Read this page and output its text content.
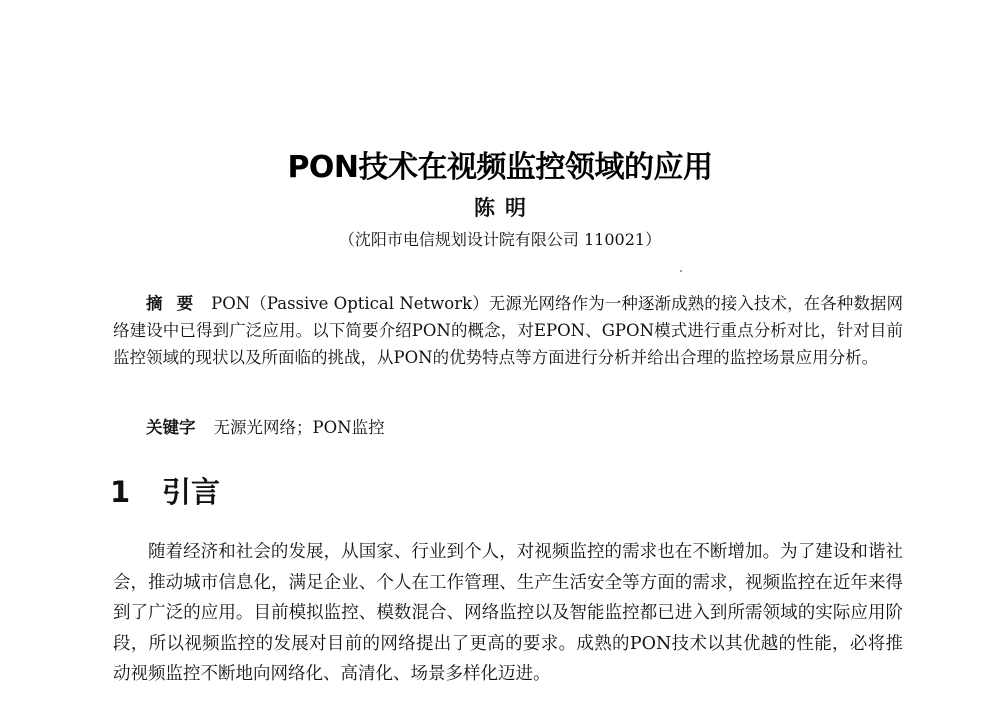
PON技术在视频监控领域的应用
陈明
（沈阳市电信规划设计院有限公司 110021）

摘要 PON（Passive Optical Network）无源光网络作为一种逐渐成熟的接入技术，在各种数据网络建设中已得到广泛应用。以下简要介绍PON的概念，对EPON、GPON模式进行重点分析对比，针对目前监控领域的现状以及所面临的挑战，从PON的优势特点等方面进行分析并给出合理的监控场景应用分析。

关键字 无源光网络；PON监控
1 引言

随着经济和社会的发展，从国家、行业到个人，对视频监控的需求也在不断增加。为了建设和谐社会，推动城市信息化，满足企业、个人在工作管理、生产生活安全等方面的需求，视频监控在近年来得到了广泛的应用。目前模拟监控、模数混合、网络监控以及智能监控都已进入到所需领域的实际应用阶段，所以视频监控的发展对目前的网络提出了更高的要求。成熟的PON技术以其优越的性能，必将推动视频监控不断地向网络化、高清化、场景多样化迈进。
